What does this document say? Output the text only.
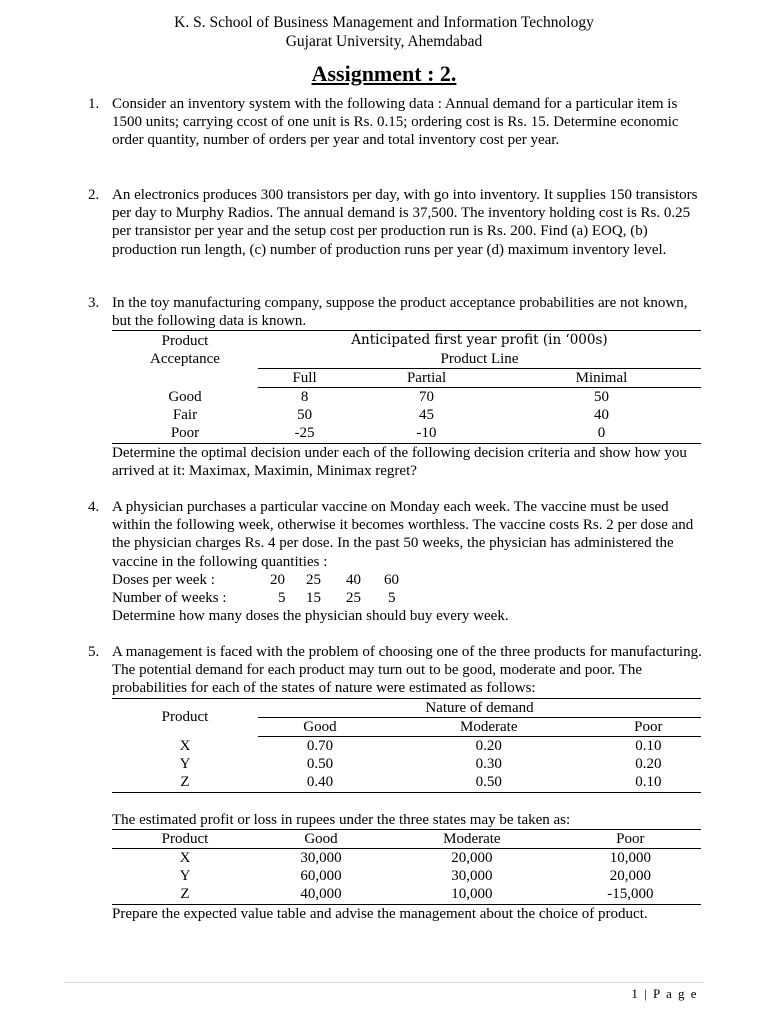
K. S. School of Business Management and Information Technology
Gujarat University, Ahemdabad
Assignment : 2.
1. Consider an inventory system with the following data : Annual demand for a particular item is 1500 units; carrying ccost of one unit is Rs. 0.15; ordering cost is Rs. 15. Determine economic order quantity, number of orders per year and total inventory cost per year.

2. An electronics produces 300 transistors per day, with go into inventory. It supplies 150 transistors per day to Murphy Radios. The annual demand is 37,500. The inventory holding cost is Rs. 0.25 per transistor per year and the setup cost per production run is Rs. 200. Find (a) EOQ, (b) production run length, (c) number of production runs per year (d) maximum inventory level.

3. In the toy manufacturing company, suppose the product acceptance probabilities are not known, but the following data is known.

Product
Acceptance	Anticipated first year profit (in ‘000s)		
	Product Line		
	Full	Partial	Minimal
Good	8	70	50
Fair	50	45	40
Poor	-25	-10	0

Determine the optimal decision under each of the following decision criteria and show how you arrived at it: Maximax, Maximin, Minimax regret?

4. A physician purchases a particular vaccine on Monday each week. The vaccine must be used within the following week, otherwise it becomes worthless. The vaccine costs Rs. 2 per dose and the physician charges Rs. 4 per dose. In the past 50 weeks, the physician has administered the vaccine in the following quantities :

Doses per week :	20	25	40	60
Number of weeks :	5	15	25	5

Determine how many doses the physician should buy every week.

5. A management is faced with the problem of choosing one of the three products for manufacturing. The potential demand for each product may turn out to be good, moderate and poor. The probabilities for each of the states of nature were estimated as follows:

Product	Nature of demand		
	Good	Moderate	Poor
X	0.70	0.20	0.10
Y	0.50	0.30	0.20
Z	0.40	0.50	0.10

The estimated profit or loss in rupees under the three states may be taken as:

Product	Good	Moderate	Poor
X	30,000	20,000	10,000
Y	60,000	30,000	20,000
Z	40,000	10,000	-15,000

Prepare the expected value table and advise the management about the choice of product.

1 | P a g e
